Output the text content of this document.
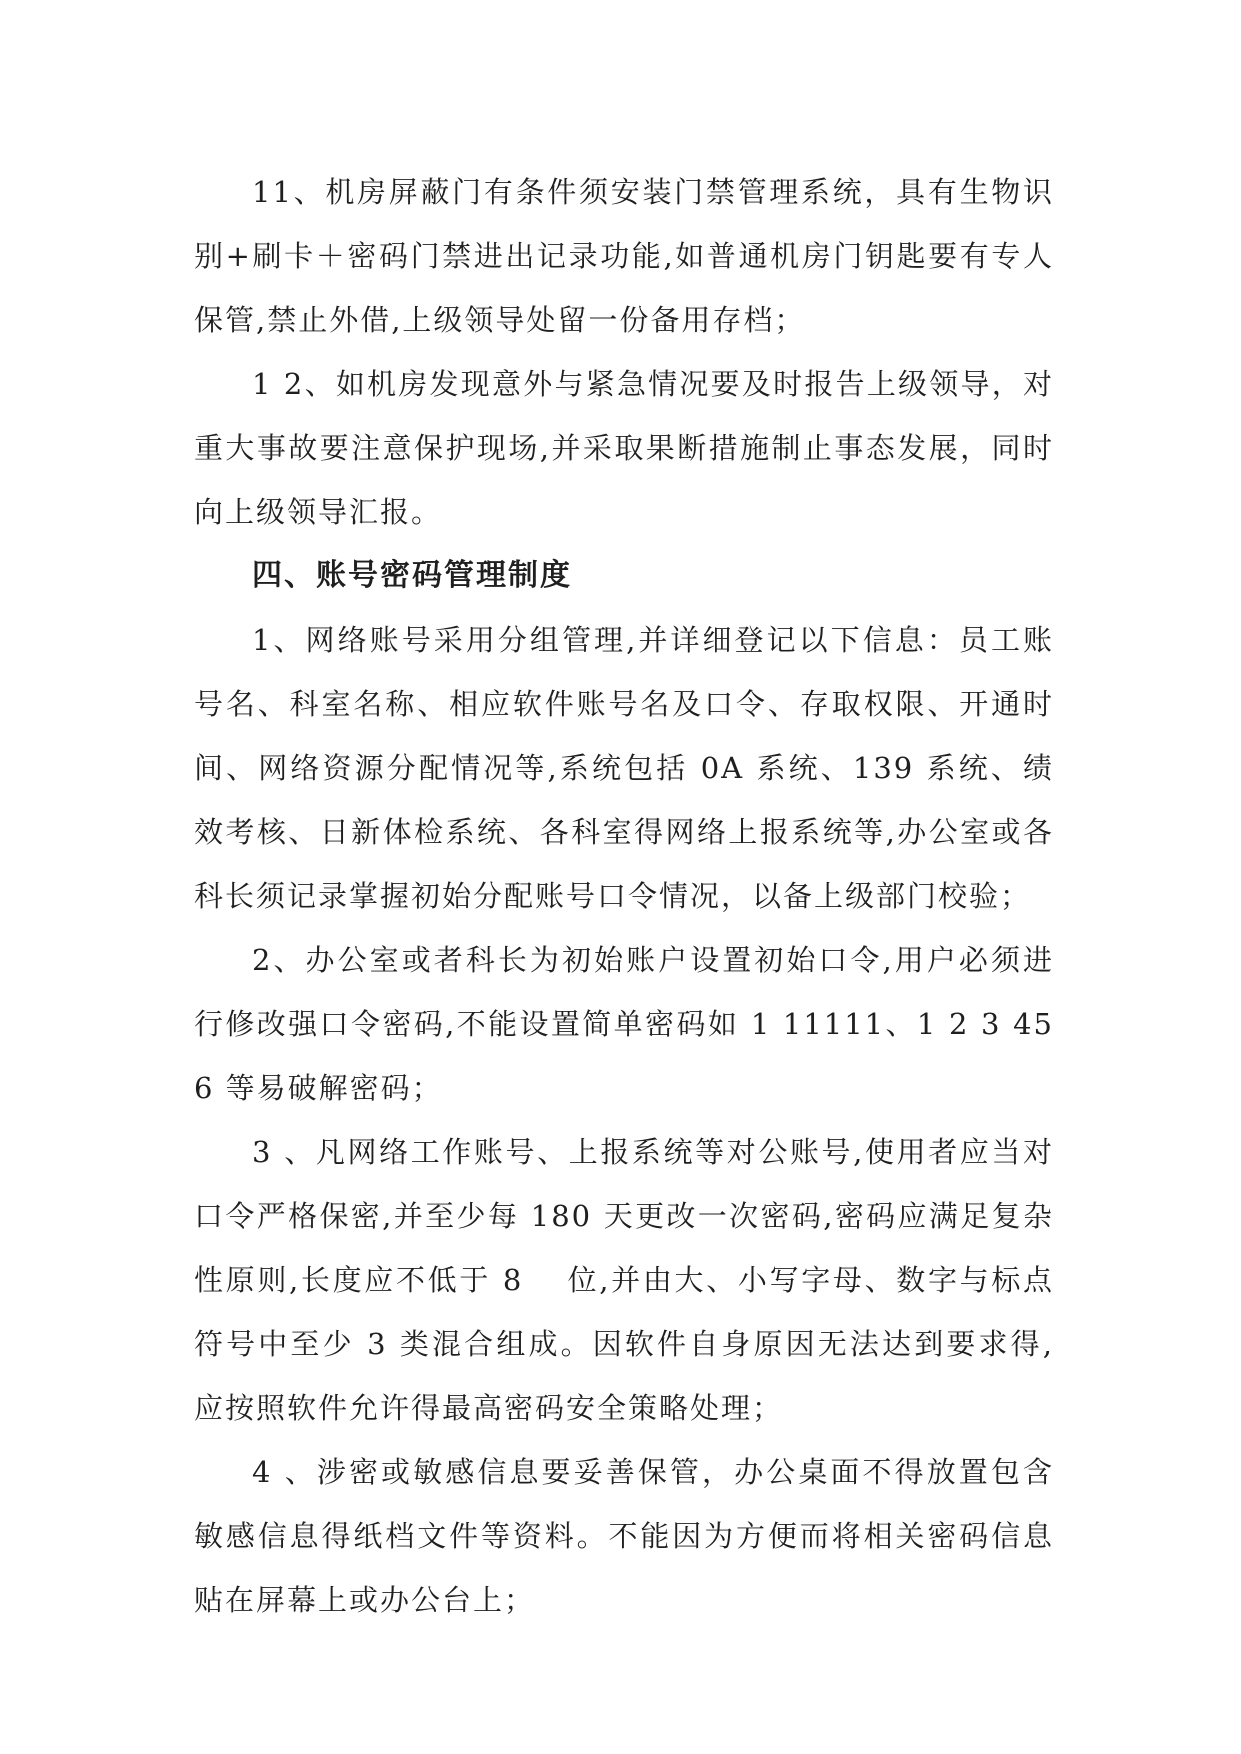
11、机房屏蔽门有条件须安装门禁管理系统，具有生物识别+刷卡＋密码门禁进出记录功能,如普通机房门钥匙要有专人保管,禁止外借,上级领导处留一份备用存档；

1 2、如机房发现意外与紧急情况要及时报告上级领导，对重大事故要注意保护现场,并采取果断措施制止事态发展，同时向上级领导汇报。

四、账号密码管理制度

1、网络账号采用分组管理,并详细登记以下信息：员工账号名、科室名称、相应软件账号名及口令、存取权限、开通时间、网络资源分配情况等,系统包括 0A 系统、139 系统、绩效考核、日新体检系统、各科室得网络上报系统等,办公室或各科长须记录掌握初始分配账号口令情况，以备上级部门校验；

2、办公室或者科长为初始账户设置初始口令,用户必须进行修改强口令密码,不能设置简单密码如 1 11111、1 2 3 45 6 等易破解密码；

3 、凡网络工作账号、上报系统等对公账号,使用者应当对口令严格保密,并至少每 180 天更改一次密码,密码应满足复杂性原则,长度应不低于 8　 位,并由大、小写字母、数字与标点符号中至少 3 类混合组成。因软件自身原因无法达到要求得,应按照软件允许得最高密码安全策略处理；

4 、涉密或敏感信息要妥善保管，办公桌面不得放置包含敏感信息得纸档文件等资料。不能因为方便而将相关密码信息贴在屏幕上或办公台上；
